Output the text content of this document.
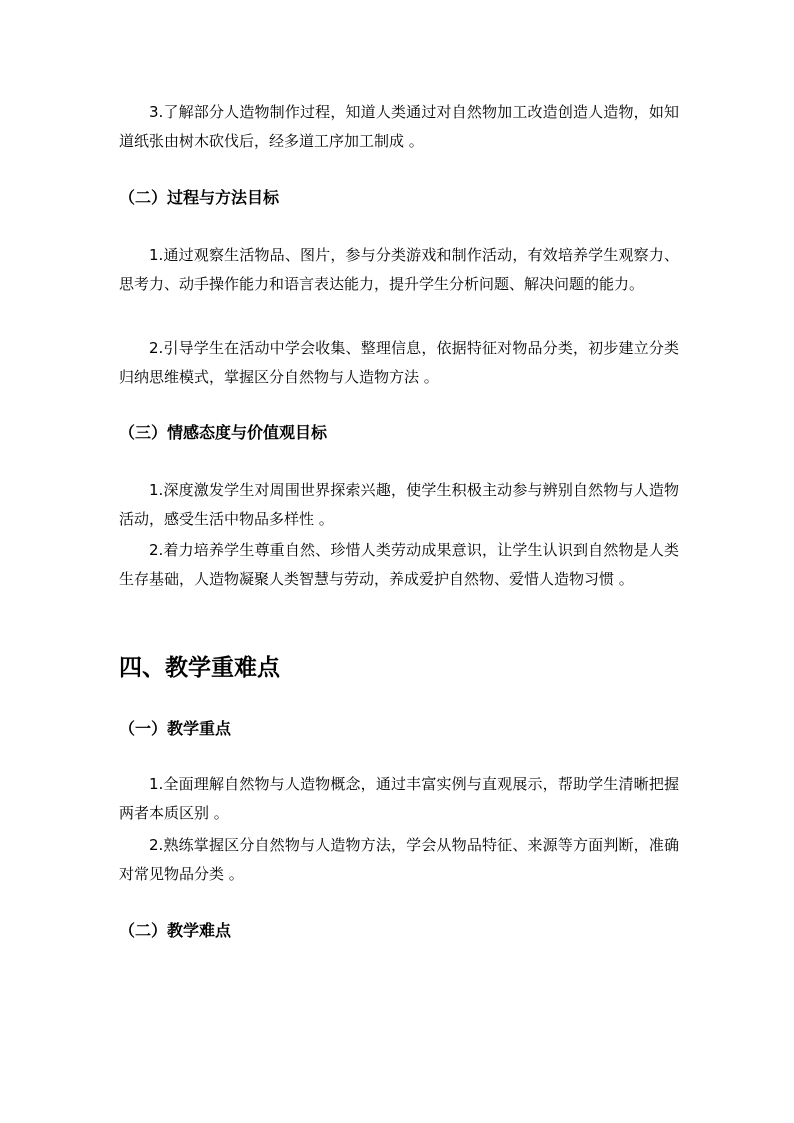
3.了解部分人造物制作过程，知道人类通过对自然物加工改造创造人造物，如知道纸张由树木砍伐后，经多道工序加工制成 。

（二）过程与方法目标

1.通过观察生活物品、图片，参与分类游戏和制作活动，有效培养学生观察力、思考力、动手操作能力和语言表达能力，提升学生分析问题、解决问题的能力。

2.引导学生在活动中学会收集、整理信息，依据特征对物品分类，初步建立分类归纳思维模式，掌握区分自然物与人造物方法 。

（三）情感态度与价值观目标

1.深度激发学生对周围世界探索兴趣，使学生积极主动参与辨别自然物与人造物活动，感受生活中物品多样性 。

2.着力培养学生尊重自然、珍惜人类劳动成果意识，让学生认识到自然物是人类生存基础，人造物凝聚人类智慧与劳动，养成爱护自然物、爱惜人造物习惯 。

四、教学重难点
（一）教学重点

1.全面理解自然物与人造物概念，通过丰富实例与直观展示，帮助学生清晰把握两者本质区别 。

2.熟练掌握区分自然物与人造物方法，学会从物品特征、来源等方面判断，准确对常见物品分类 。

（二）教学难点
